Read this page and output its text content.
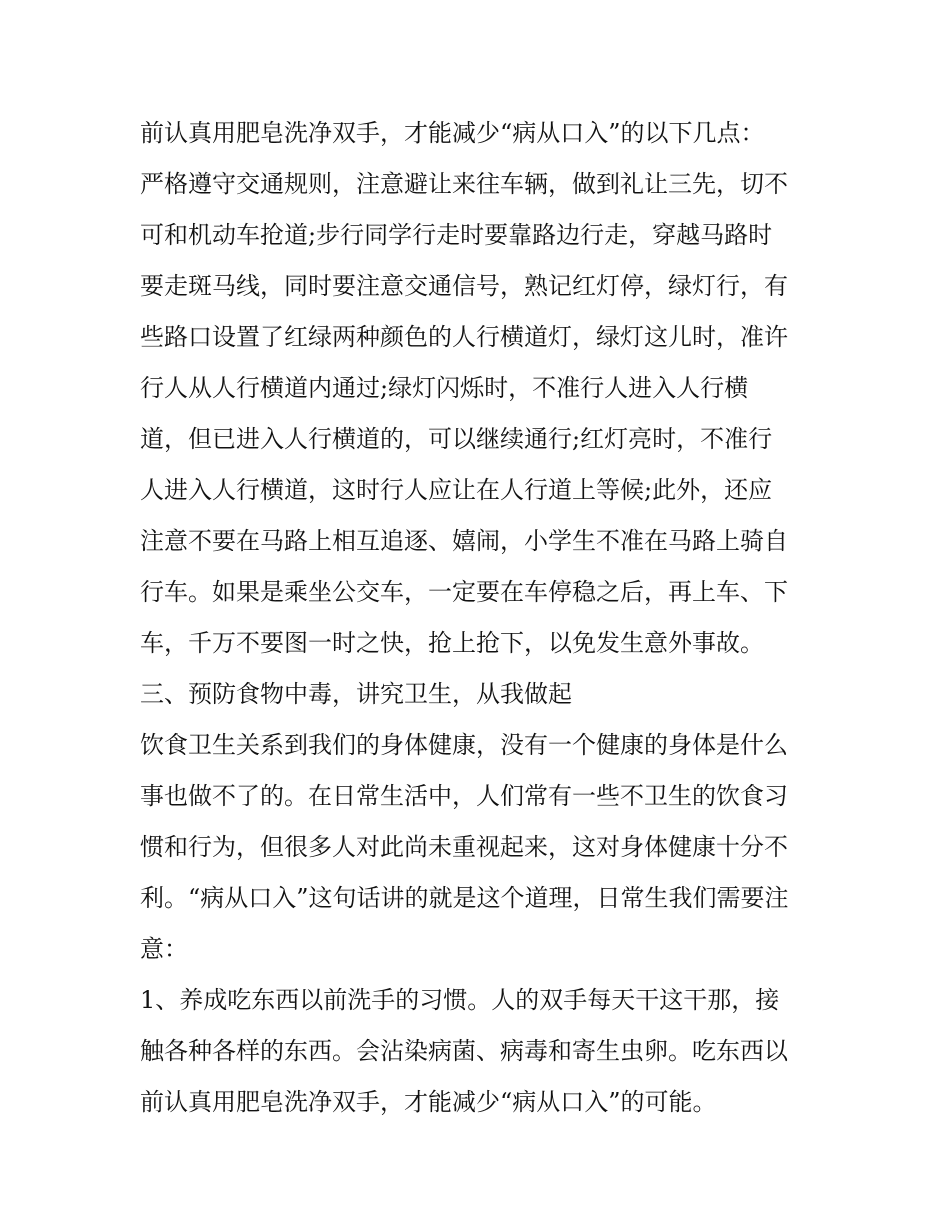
前认真用肥皂洗净双手，才能减少“病从口入”的以下几点：
严格遵守交通规则，注意避让来往车辆，做到礼让三先，切不
可和机动车抢道;步行同学行走时要靠路边行走，穿越马路时
要走斑马线，同时要注意交通信号，熟记红灯停，绿灯行，有
些路口设置了红绿两种颜色的人行横道灯，绿灯这儿时，准许
行人从人行横道内通过;绿灯闪烁时，不准行人进入人行横
道，但已进入人行横道的，可以继续通行;红灯亮时，不准行
人进入人行横道，这时行人应让在人行道上等候;此外，还应
注意不要在马路上相互追逐、嬉闹，小学生不准在马路上骑自
行车。如果是乘坐公交车，一定要在车停稳之后，再上车、下
车，千万不要图一时之快，抢上抢下，以免发生意外事故。
三、预防食物中毒，讲究卫生，从我做起
饮食卫生关系到我们的身体健康，没有一个健康的身体是什么
事也做不了的。在日常生活中，人们常有一些不卫生的饮食习
惯和行为，但很多人对此尚未重视起来，这对身体健康十分不
利。“病从口入”这句话讲的就是这个道理，日常生我们需要注
意：
1、养成吃东西以前洗手的习惯。人的双手每天干这干那，接
触各种各样的东西。会沾染病菌、病毒和寄生虫卵。吃东西以
前认真用肥皂洗净双手，才能减少“病从口入”的可能。
